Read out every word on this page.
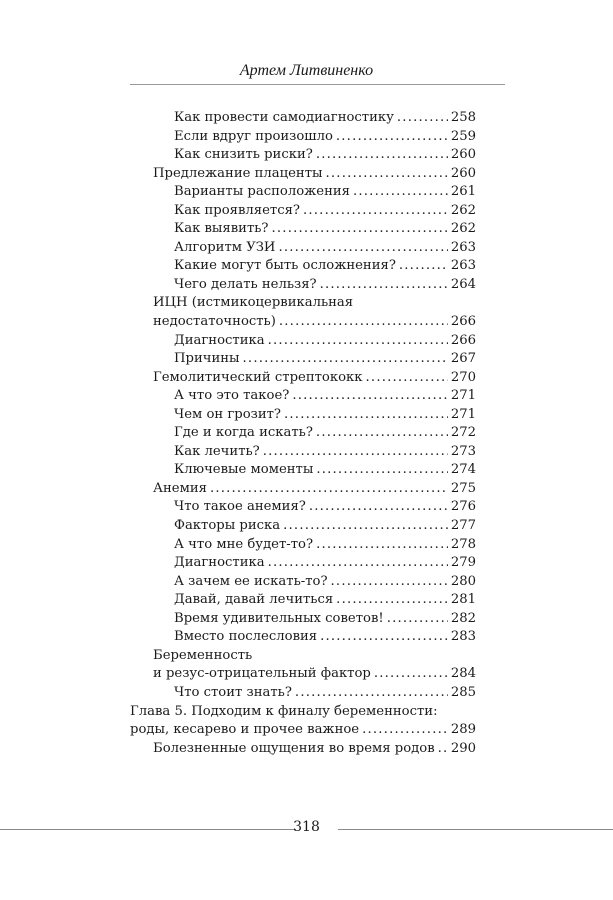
Артем Литвиненко
Как провести самодиагностику .....	258
Если вдруг произошло .....	259
Как снизить риски? .....	260
Предлежание плаценты .....	260
Варианты расположения .....	261
Как проявляется? .....	262
Как выявить? .....	262
Алгоритм УЗИ .....	263
Какие могут быть осложнения? .....	263
Чего делать нельзя? .....	264
ИЦН (истмикоцервикальная
недостаточность) .....	266
Диагностика .....	266
Причины .....	267
Гемолитический стрептококк .....	270
А что это такое? .....	271
Чем он грозит? .....	271
Где и когда искать? .....	272
Как лечить? .....	273
Ключевые моменты .....	274
Анемия .....	275
Что такое анемия? .....	276
Факторы риска .....	277
А что мне будет-то? .....	278
Диагностика .....	279
А зачем ее искать-то? .....	280
Давай, давай лечиться .....	281
Время удивительных советов! .....	282
Вместо послесловия .....	283
Беременность
и резус-отрицательный фактор .....	284
Что стоит знать? .....	285
Глава 5. Подходим к финалу беременности:
роды, кесарево и прочее важное .....	289
Болезненные ощущения во время родов ..... 290
318
